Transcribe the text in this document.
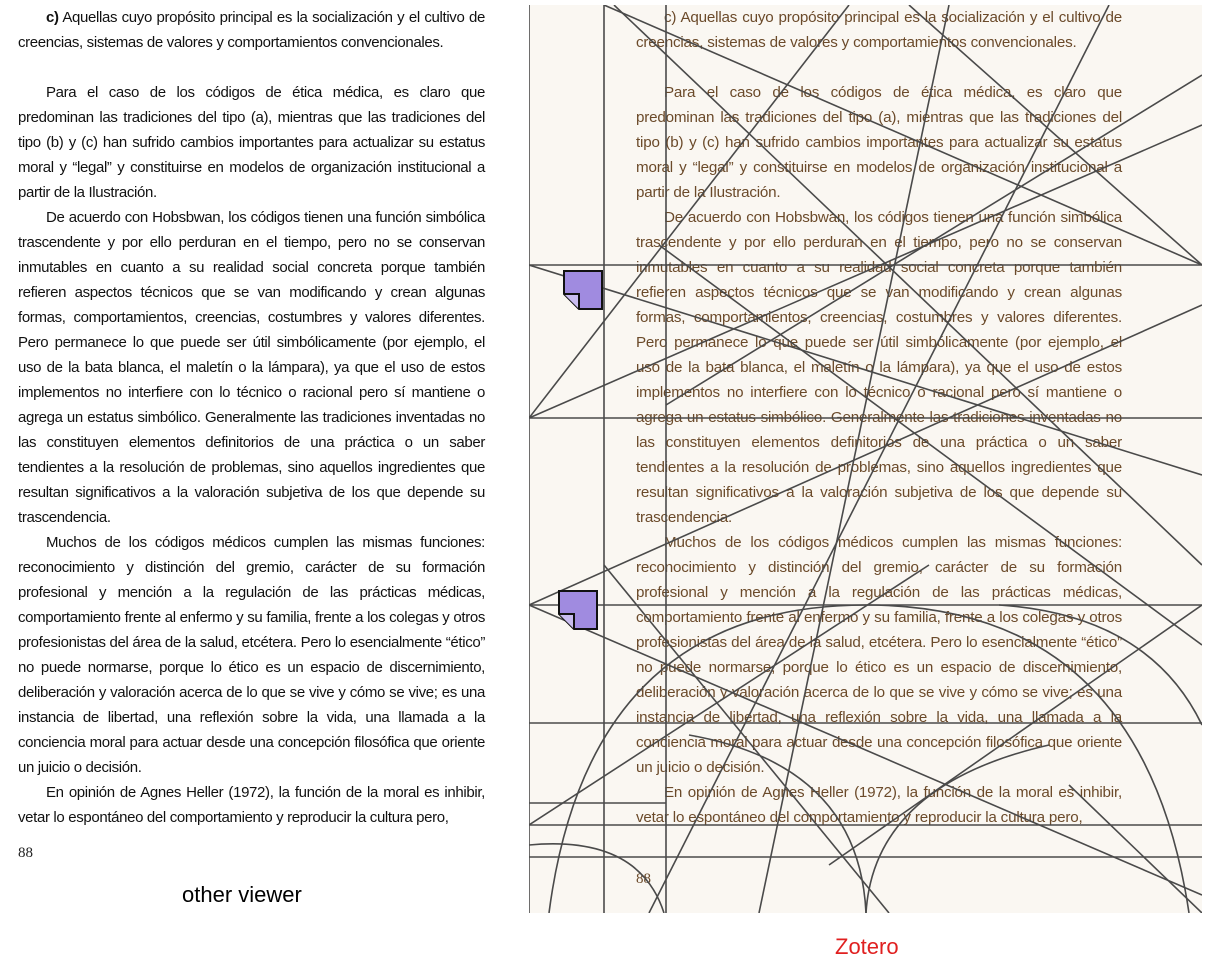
c) Aquellas cuyo propósito principal es la socialización y el cultivo de creencias, sistemas de valores y comportamientos convencionales.

Para el caso de los códigos de ética médica, es claro que predominan las tradiciones del tipo (a), mientras que las tradiciones del tipo (b) y (c) han sufrido cambios importantes para actualizar su estatus moral y “legal” y constituirse en modelos de organización institucional a partir de la Ilustración.

De acuerdo con Hobsbwan, los códigos tienen una función simbólica trascendente y por ello perduran en el tiempo, pero no se conservan inmutables en cuanto a su realidad social concreta porque también refieren aspectos técnicos que se van modificando y crean algunas formas, comportamientos, creencias, costumbres y valores diferentes. Pero permanece lo que puede ser útil simbólicamente (por ejemplo, el uso de la bata blanca, el maletín o la lámpara), ya que el uso de estos implementos no interfiere con lo técnico o racional pero sí mantiene o agrega un estatus simbólico. Generalmente las tradiciones inventadas no las constituyen elementos definitorios de una práctica o un saber tendientes a la resolución de problemas, sino aquellos ingredientes que resultan significativos a la valoración subjetiva de los que depende su trascendencia.

Muchos de los códigos médicos cumplen las mismas funciones: reconocimiento y distinción del gremio, carácter de su formación profesional y mención a la regulación de las prácticas médicas, comportamiento frente al enfermo y su familia, frente a los colegas y otros profesionistas del área de la salud, etcétera. Pero lo esencialmente “ético” no puede normarse, porque lo ético es un espacio de discernimiento, deliberación y valoración acerca de lo que se vive y cómo se vive; es una instancia de libertad, una reflexión sobre la vida, una llamada a la conciencia moral para actuar desde una concepción filosófica que oriente un juicio o decisión.

En opinión de Agnes Heller (1972), la función de la moral es inhibir, vetar lo espontáneo del comportamiento y reproducir la cultura pero,

88
other viewer

c) Aquellas cuyo propósito principal es la socialización y el cultivo de creencias, sistemas de valores y comportamientos convencionales.

Para el caso de los códigos de ética médica, es claro que predominan las tradiciones del tipo (a), mientras que las tradiciones del tipo (b) y (c) han sufrido cambios importantes para actualizar su estatus moral y “legal” y constituirse en modelos de organización institucional a partir de la Ilustración.

De acuerdo con Hobsbwan, los códigos tienen una función simbólica trascendente y por ello perduran en el tiempo, pero no se conservan inmutables en cuanto a su realidad social concreta porque también refieren aspectos técnicos que se van modificando y crean algunas formas, comportamientos, creencias, costumbres y valores diferentes. Pero permanece lo que puede ser útil simbólicamente (por ejemplo, el uso de la bata blanca, el maletín o la lámpara), ya que el uso de estos implementos no interfiere con lo técnico o racional pero sí mantiene o agrega un estatus simbólico. Generalmente las tradiciones inventadas no las constituyen elementos definitorios de una práctica o un saber tendientes a la resolución de problemas, sino aquellos ingredientes que resultan significativos a la valoración subjetiva de los que depende su trascendencia.

Muchos de los códigos médicos cumplen las mismas funciones: reconocimiento y distinción del gremio, carácter de su formación profesional y mención a la regulación de las prácticas médicas, comportamiento frente al enfermo y su familia, frente a los colegas y otros profesionistas del área de la salud, etcétera. Pero lo esencialmente “ético” no puede normarse, porque lo ético es un espacio de discernimiento, deliberación y valoración acerca de lo que se vive y cómo se vive; es una instancia de libertad, una reflexión sobre la vida, una llamada a la conciencia moral para actuar desde una concepción filosófica que oriente un juicio o decisión.

En opinión de Agnes Heller (1972), la función de la moral es inhibir, vetar lo espontáneo del comportamiento y reproducir la cultura pero,

88
Zotero
